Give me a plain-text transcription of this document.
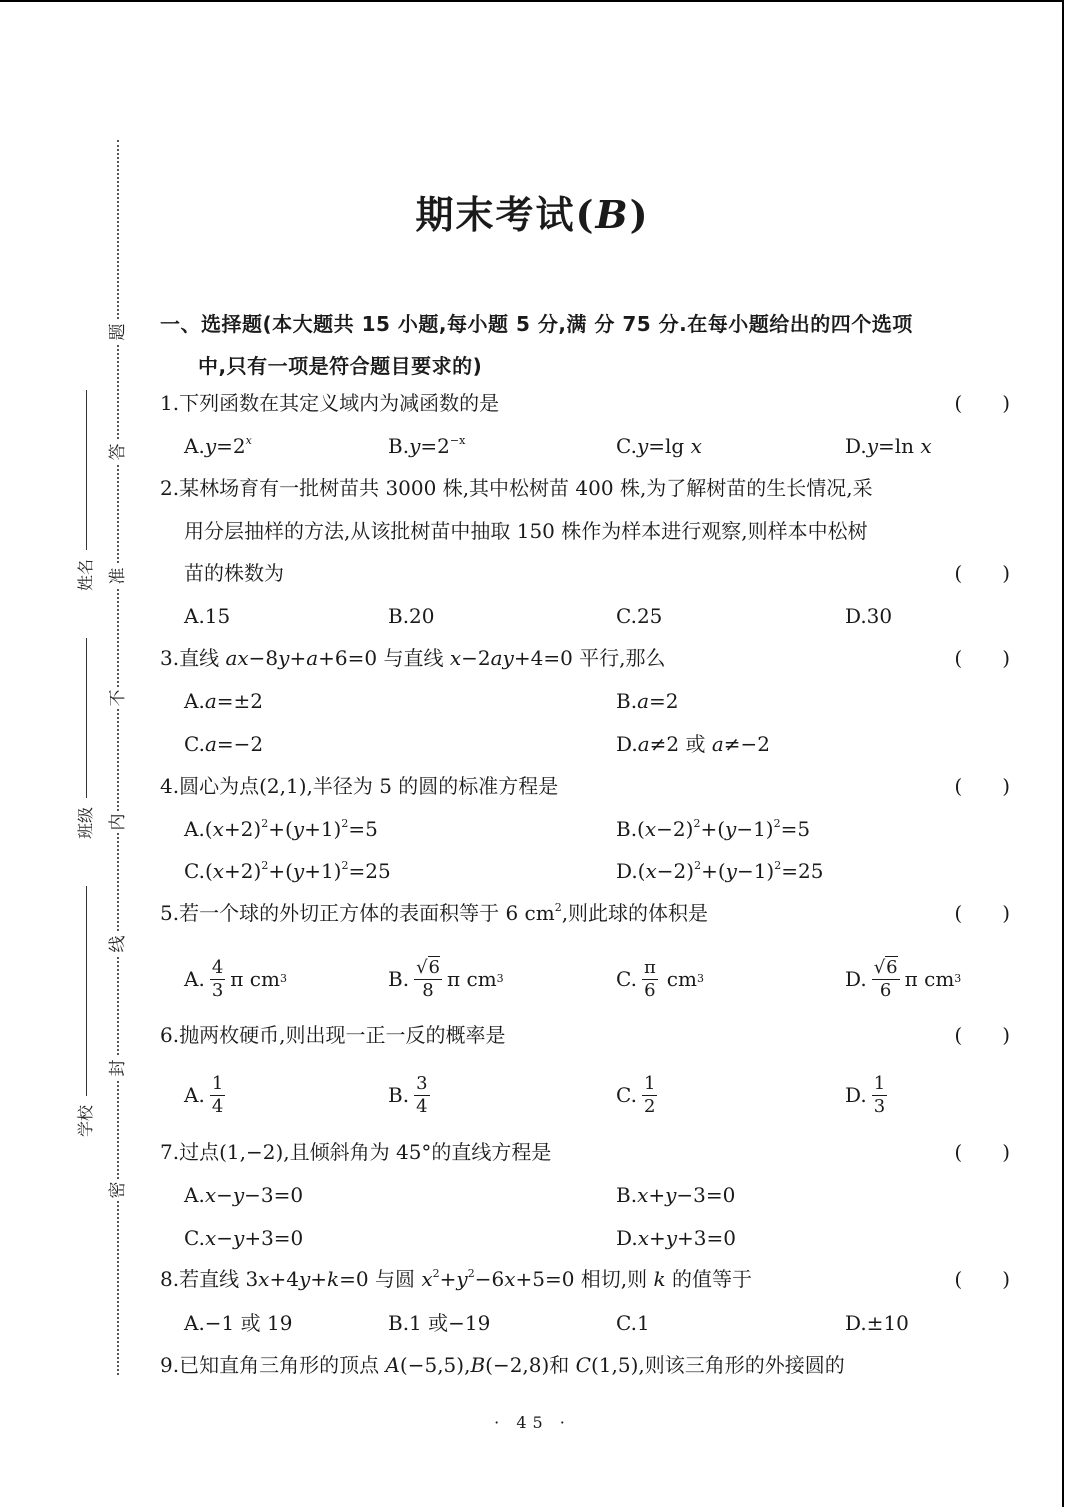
题
答
准
不
内
线
封
密
姓名
班级
学校
期末考试(B)
一、选择题(本大题共 15 小题,每小题 5 分,满 分 75 分.在每小题给出的四个选项
中,只有一项是符合题目要求的)
1.下列函数在其定义域内为减函数的是	(　　)
$A.y=2^x$	$B.y=2^{-x}$	C.y=lg x	D.y=ln x
2.某林场育有一批树苗共 3000 株,其中松树苗 400 株,为了解树苗的生长情况,采
用分层抽样的方法,从该批树苗中抽取 150 株作为样本进行观察,则样本中松树
苗的株数为	(　　)
A.15	B.20	C.25	D.30
3.直线 ax−8y+a+6=0 与直线 x−2ay+4=0 平行,那么	(　　)
A.a=±2	B.a=2
C.a=−2	D.a≠2 或 a≠−2
4.圆心为点(2,1),半径为 5 的圆的标准方程是	(　　)
$A.(x+2)^2+(y+1)^2=5$	$B.(x-2)^2+(y-1)^2=5$
$C.(x+2)^2+(y+1)^2=25$	$D.(x-2)^2+(y-1)^2=25$
5.若一个球的外切正方体的表面积等于 6 $cm^2$,则此球的体积是	(　　)
A. $\frac{4}{3}$ π cm 3	B. √ $\frac{6}{8}$ π cm 3	C. $\frac{\pi}{6}$ cm 3	D. √ $\frac{6}{6}$ π cm 3
6.抛两枚硬币,则出现一正一反的概率是	(　　)
A. $\frac{1}{4}$	B. $\frac{3}{4}$	C. $\frac{1}{2}$	D. $\frac{1}{3}$
7.过点(1,−2),且倾斜角为 45°的直线方程是	(　　)
A.x−y−3=0	B.x+y−3=0
C.x−y+3=0	D.x+y+3=0
8.若直线 3x+4y+k=0 与圆 $x^2+y^2-6x+5=0$ 相切,则 k 的值等于	(　　)
A.−1 或 19	B.1 或−19	C.1	D.±10
9.已知直角三角形的顶点 A(−5,5),B(−2,8)和 C(1,5),则该三角形的外接圆的
· 45 ·
